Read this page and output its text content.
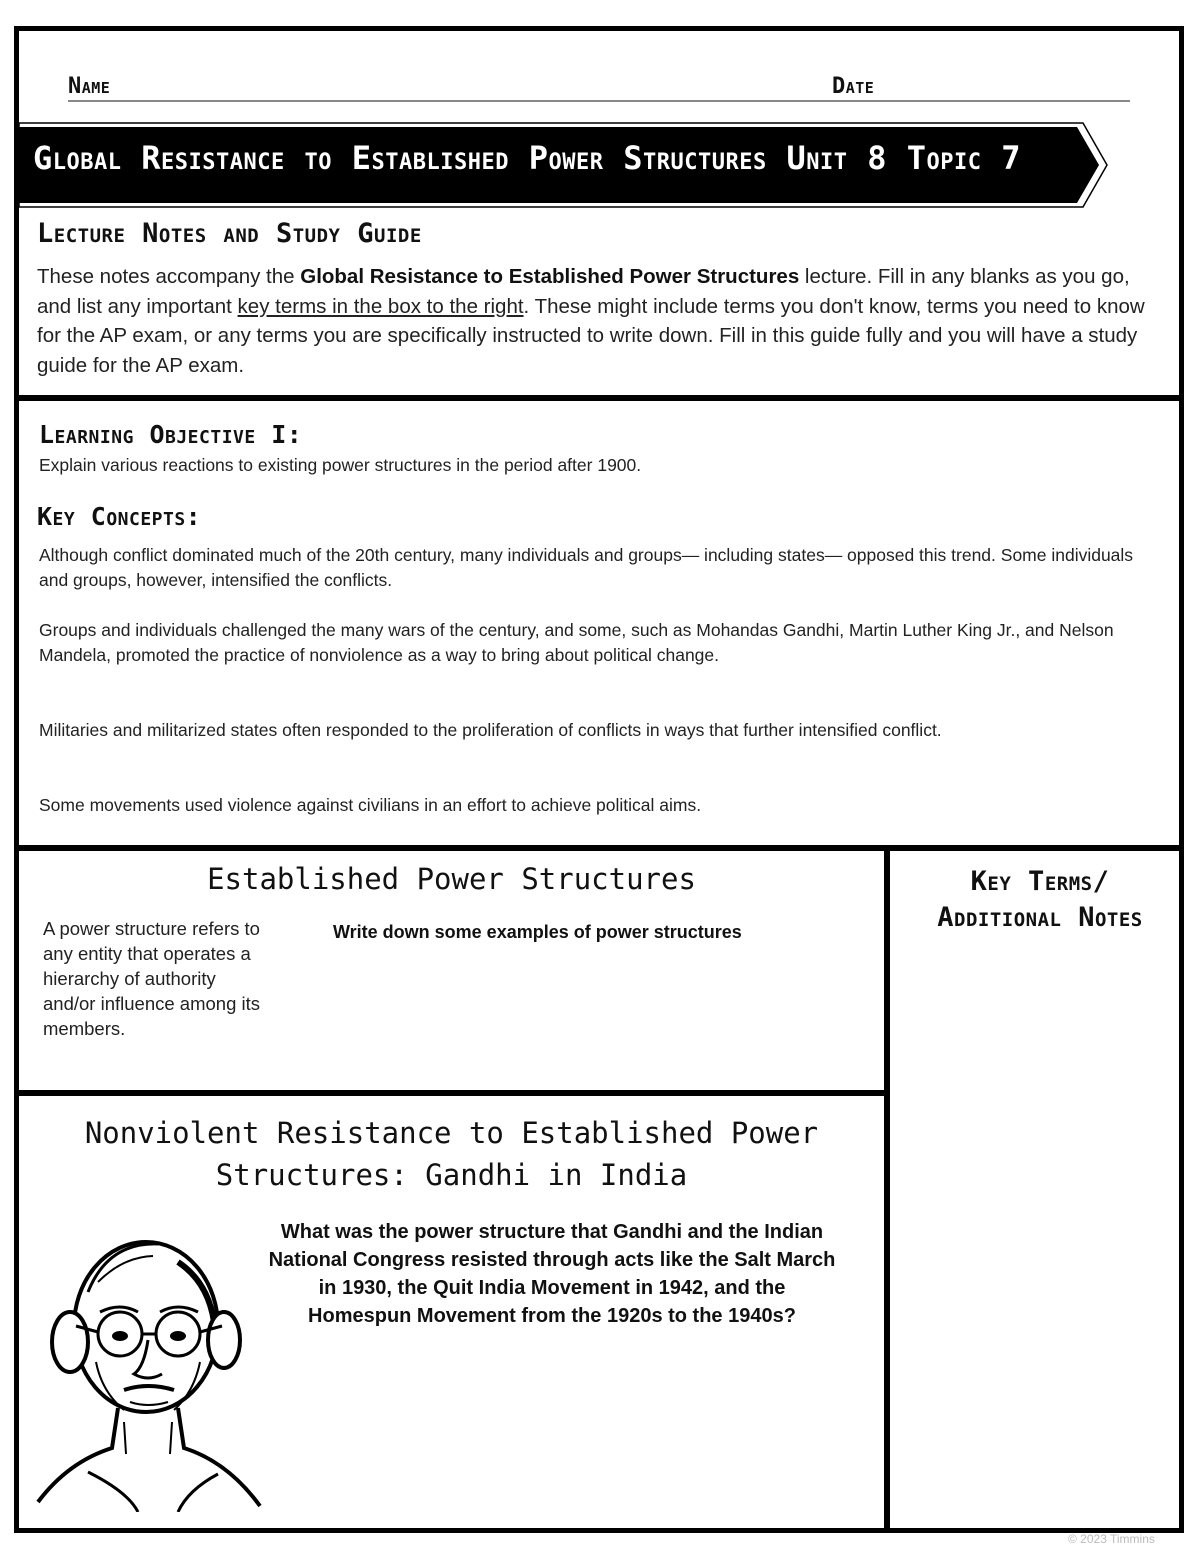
Name	Date
Global Resistance to Established Power Structures Unit 8 Topic 7
Lecture Notes and Study Guide
These notes accompany the Global Resistance to Established Power Structures lecture. Fill in any blanks as you go, and list any important key terms in the box to the right. These might include terms you don't know, terms you need to know for the AP exam, or any terms you are specifically instructed to write down. Fill in this guide fully and you will have a study guide for the AP exam.
Learning Objective I:
Explain various reactions to existing power structures in the period after 1900.
Key Concepts:
Although conflict dominated much of the 20th century, many individuals and groups— including states— opposed this trend. Some individuals and groups, however, intensified the conflicts.
Groups and individuals challenged the many wars of the century, and some, such as Mohandas Gandhi, Martin Luther King Jr., and Nelson Mandela, promoted the practice of nonviolence as a way to bring about political change.
Militaries and militarized states often responded to the proliferation of conflicts in ways that further intensified conflict.
Some movements used violence against civilians in an effort to achieve political aims.
Established Power Structures
A power structure refers to any entity that operates a hierarchy of authority and/or influence among its members.
Write down some examples of power structures
Key Terms/
Additional Notes
Nonviolent Resistance to Established Power
Structures: Gandhi in India
What was the power structure that Gandhi and the Indian National Congress resisted through acts like the Salt March in 1930, the Quit India Movement in 1942, and the Homespun Movement from the 1920s to the 1940s?
© 2023 Timmins
